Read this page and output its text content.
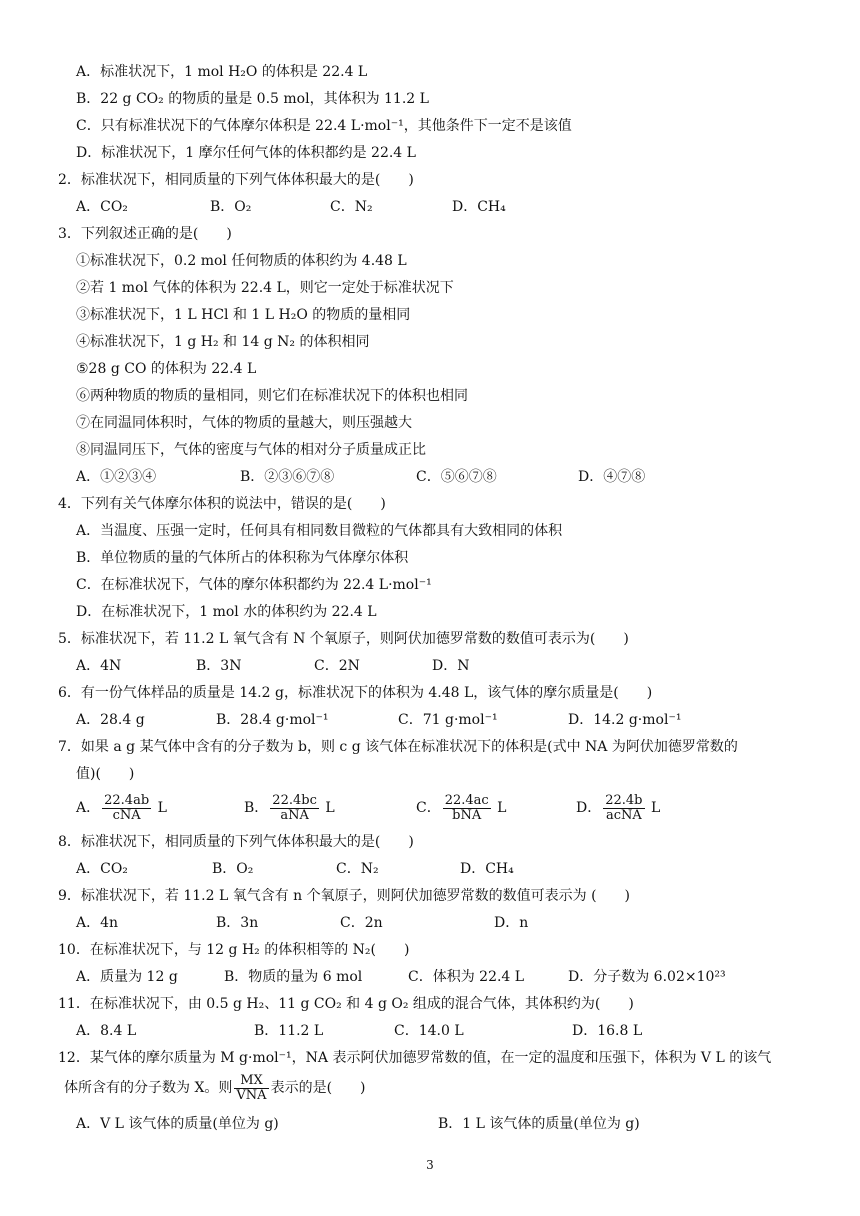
A．标准状况下，1 mol H₂O 的体积是 22.4 L
B．22 g CO₂ 的物质的量是 0.5 mol，其体积为 11.2 L
C．只有标准状况下的气体摩尔体积是 22.4 L·mol⁻¹，其他条件下一定不是该值
D．标准状况下，1 摩尔任何气体的体积都约是 22.4 L
2．标准状况下，相同质量的下列气体体积最大的是(　　)
A．CO₂	B．O₂	C．N₂	D．CH₄
3．下列叙述正确的是(　　)
①标准状况下，0.2 mol 任何物质的体积约为 4.48 L
②若 1 mol 气体的体积为 22.4 L，则它一定处于标准状况下
③标准状况下，1 L HCl 和 1 L H₂O 的物质的量相同
④标准状况下，1 g H₂ 和 14 g N₂ 的体积相同
⑤28 g CO 的体积为 22.4 L
⑥两种物质的物质的量相同，则它们在标准状况下的体积也相同
⑦在同温同体积时，气体的物质的量越大，则压强越大
⑧同温同压下，气体的密度与气体的相对分子质量成正比
A．①②③④	B．②③⑥⑦⑧	C．⑤⑥⑦⑧	D．④⑦⑧
4．下列有关气体摩尔体积的说法中，错误的是(　　)
A．当温度、压强一定时，任何具有相同数目微粒的气体都具有大致相同的体积
B．单位物质的量的气体所占的体积称为气体摩尔体积
C．在标准状况下，气体的摩尔体积都约为 22.4 L·mol⁻¹
D．在标准状况下，1 mol 水的体积约为 22.4 L
5．标准状况下，若 11.2 L 氧气含有 N 个氧原子，则阿伏加德罗常数的数值可表示为(　　)
A．4N	B．3N	C．2N	D．N
6．有一份气体样品的质量是 14.2 g，标准状况下的体积为 4.48 L，该气体的摩尔质量是(　　)
A．28.4 g	B．28.4 g·mol⁻¹	C．71 g·mol⁻¹	D．14.2 g·mol⁻¹
7．如果 a g 某气体中含有的分子数为 b，则 c g 该气体在标准状况下的体积是(式中 NA 为阿伏加德罗常数的
值)(　　)
A． $\frac{22.4ab}{\text{cNA}}$ L	B． $\frac{22.4bc}{\text{aNA}}$ L	C． $\frac{22.4ac}{\text{bNA}}$ L	D． $\frac{22.4b}{\text{acNA}}$ L
8．标准状况下，相同质量的下列气体体积最大的是(　　)
A．CO₂	B．O₂	C．N₂	D．CH₄
9．标准状况下，若 11.2 L 氧气含有 n 个氧原子，则阿伏加德罗常数的数值可表示为 (　　)
A．4n	B．3n	C．2n	D．n
10．在标准状况下，与 12 g H₂ 的体积相等的 N₂(　　)
A．质量为 12 g	B．物质的量为 6 mol	C．体积为 22.4 L	D．分子数为 6.02×10²³
11．在标准状况下，由 0.5 g H₂、11 g CO₂ 和 4 g O₂ 组成的混合气体，其体积约为(　　)
A．8.4 L	B．11.2 L	C．14.0 L	D．16.8 L
12．某气体的摩尔质量为 M g·mol⁻¹，NA 表示阿伏加德罗常数的值，在一定的温度和压强下，体积为 V L 的该气
体所含有的分子数为 X。则 $\frac{MX}{\text{VNA}}$ 表示的是(　　)
A．V L 该气体的质量(单位为 g)	B．1 L 该气体的质量(单位为 g)
3
